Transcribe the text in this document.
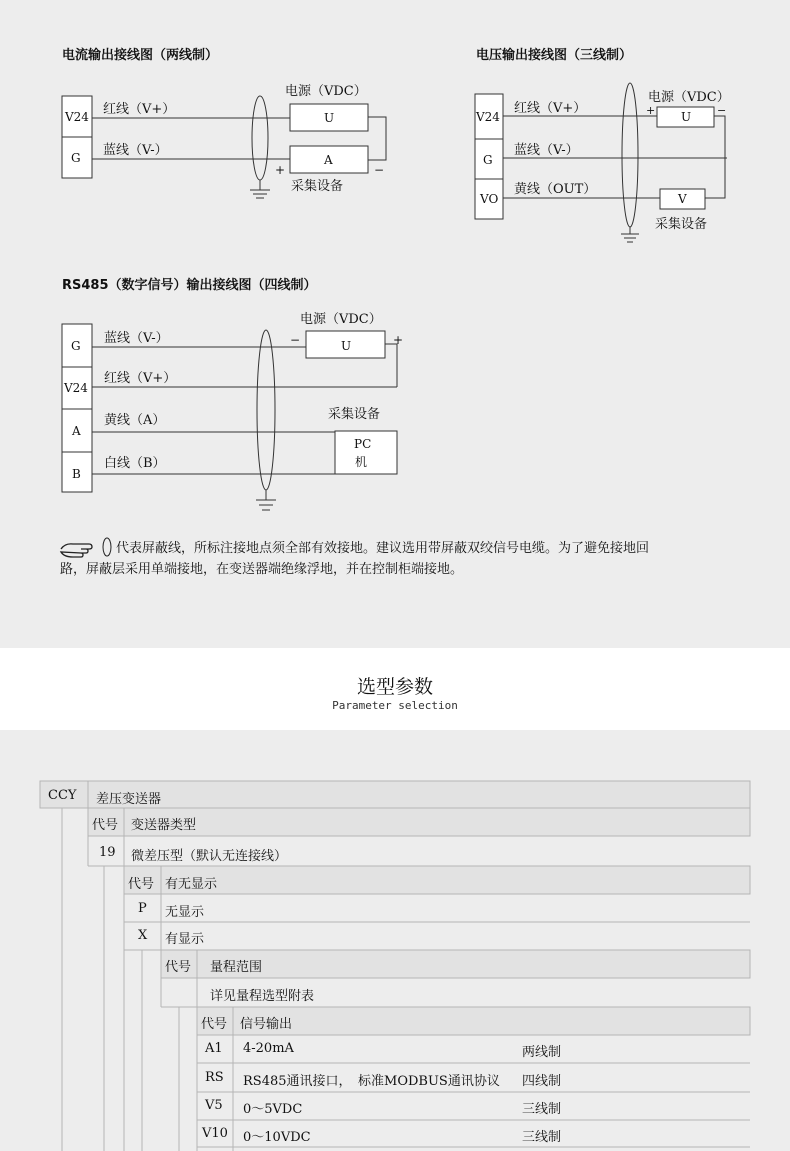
电流输出接线图（两线制）
V24
G
红线（V+）
蓝线（V-）
电源（VDC）
U
A
+	−
采集设备
电压输出接线图（三线制）
V24
G
VO
红线（V+）
蓝线（V-）
黄线（OUT）
电源（VDC）
U
V
+	−
采集设备
RS485（数字信号）输出接线图（四线制）
G
V24
A
B
蓝线（V-）
红线（V+）
黄线（A）
白线（B）
电源（VDC）
U
−	+
采集设备
PC
机
代表屏蔽线，所标注接地点须全部有效接地。建议选用带屏蔽双绞信号电缆。为了避免接地回
路，屏蔽层采用单端接地，在变送器端绝缘浮地，并在控制柜端接地。
选型参数
Parameter selection
CCY 差压变送器
代号 变送器类型
19 微差压型（默认无连接线）
代号 有无显示
P 无显示
X 有显示
代号 量程范围
详见量程选型附表
代号 信号输出
A1 4-20mA	两线制
RS RS485通讯接口，　标准MODBUS通讯协议 四线制
V5 0～5VDC	三线制
V10 0～10VDC	三线制
